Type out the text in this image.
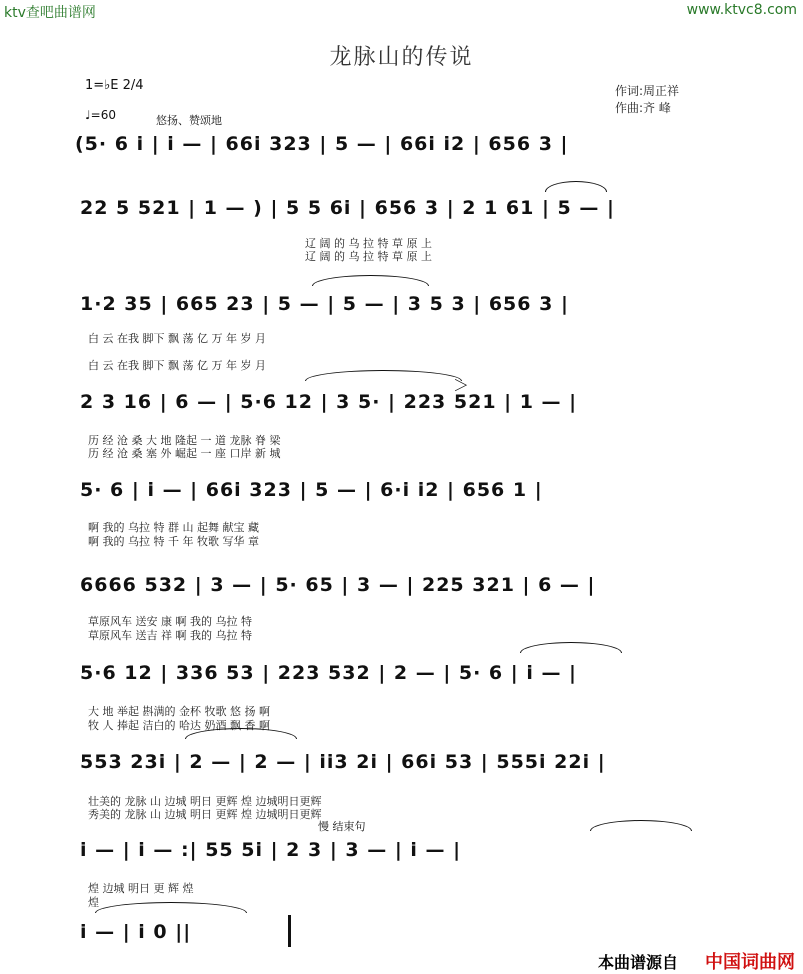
ktv查吧曲谱网	www.ktvc8.com
龙脉山的传说
作词:周正祥
作曲:齐 峰
1=♭E 2/4
♩=60	悠扬、赞颂地
＞
慢 结束句
(5· 6 i | i — | 66i 323 | 5 — | 66i i2 | 656 3 |
22 5 521 | 1 — ) | 5 5 6i | 656 3 | 2 1 61 | 5 — |
辽 阔 的 乌 拉 特 草 原 上
辽 阔 的 乌 拉 特 草 原 上
1·2 35 | 665 23 | 5 — | 5 — | 3 5 3 | 656 3 |
白 云 在我 脚下 飘 荡 亿 万 年 岁 月
白 云 在我 脚下 飘 荡 亿 万 年 岁 月
2 3 16 | 6 — | 5·6 12 | 3 5· | 223 521 | 1 — |
历 经 沧 桑 大 地 隆起 一 道 龙脉 脊 梁
历 经 沧 桑 塞 外 崛起 一 座 口岸 新 城
5· 6 | i — | 66i 323 | 5 — | 6·i i2 | 656 1 |
啊 我的 乌拉 特 群 山 起舞 献宝 藏
啊 我的 乌拉 特 千 年 牧歌 写华 章
6666 532 | 3 — | 5· 65 | 3 — | 225 321 | 6 — |
草原风车 送安 康 啊 我的 乌拉 特
草原风车 送吉 祥 啊 我的 乌拉 特
5·6 12 | 336 53 | 223 532 | 2 — | 5· 6 | i — |
大 地 举起 斟满的 金杯 牧歌 悠 扬 啊
牧 人 捧起 洁白的 哈达 奶酒 飘 香 啊
553 23i | 2 — | 2 — | ii3 2i | 66i 53 | 555i 22i |
壮美的 龙脉 山 边城 明日 更辉 煌 边城明日更辉
秀美的 龙脉 山 边城 明日 更辉 煌 边城明日更辉
i — | i — :| 55 5i | 2 3 | 3 — | i — |
煌 边城 明日 更 辉 煌
煌
i — | i 0 ||
本曲谱源自 中国词曲网
